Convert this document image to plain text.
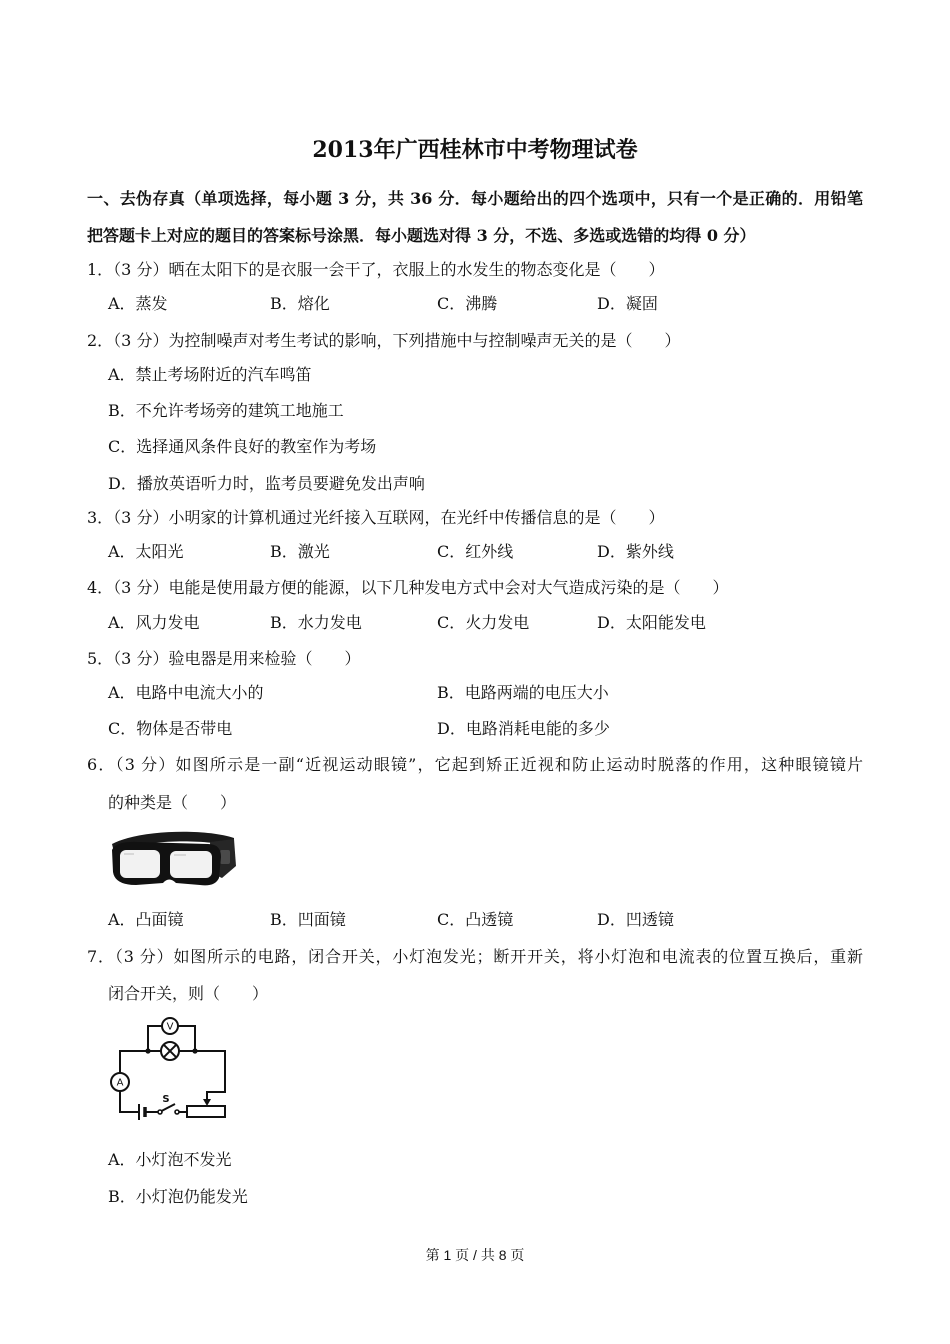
2013年广西桂林市中考物理试卷
一、去伪存真（单项选择，每小题 3 分，共 36 分．每小题给出的四个选项中，只有一个是正确的．用铅笔
把答题卡上对应的题目的答案标号涂黑．每小题选对得 3 分，不选、多选或选错的均得 0 分）
1．（3 分）晒在太阳下的是衣服一会干了，衣服上的水发生的物态变化是（　　）
A．蒸发	B．熔化	C．沸腾	D．凝固
2．（3 分）为控制噪声对考生考试的影响，下列措施中与控制噪声无关的是（　　）
A．禁止考场附近的汽车鸣笛
B．不允许考场旁的建筑工地施工
C．选择通风条件良好的教室作为考场
D．播放英语听力时，监考员要避免发出声响
3．（3 分）小明家的计算机通过光纤接入互联网，在光纤中传播信息的是（　　）
A．太阳光	B．激光	C．红外线	D．紫外线
4．（3 分）电能是使用最方便的能源，以下几种发电方式中会对大气造成污染的是（　　）
A．风力发电	B．水力发电	C．火力发电	D．太阳能发电
5．（3 分）验电器是用来检验（　　）
A．电路中电流大小的	B．电路两端的电压大小
C．物体是否带电	D．电路消耗电能的多少
6．（3 分）如图所示是一副“近视运动眼镜”，它起到矫正近视和防止运动时脱落的作用，这种眼镜镜片
的种类是（　　）
A．凸面镜	B．凹面镜	C．凸透镜	D．凹透镜
7．（3 分）如图所示的电路，闭合开关，小灯泡发光；断开开关，将小灯泡和电流表的位置互换后，重新
闭合开关，则（　　）
V
A
S
A．小灯泡不发光
B．小灯泡仍能发光
第 1 页 / 共 8 页
